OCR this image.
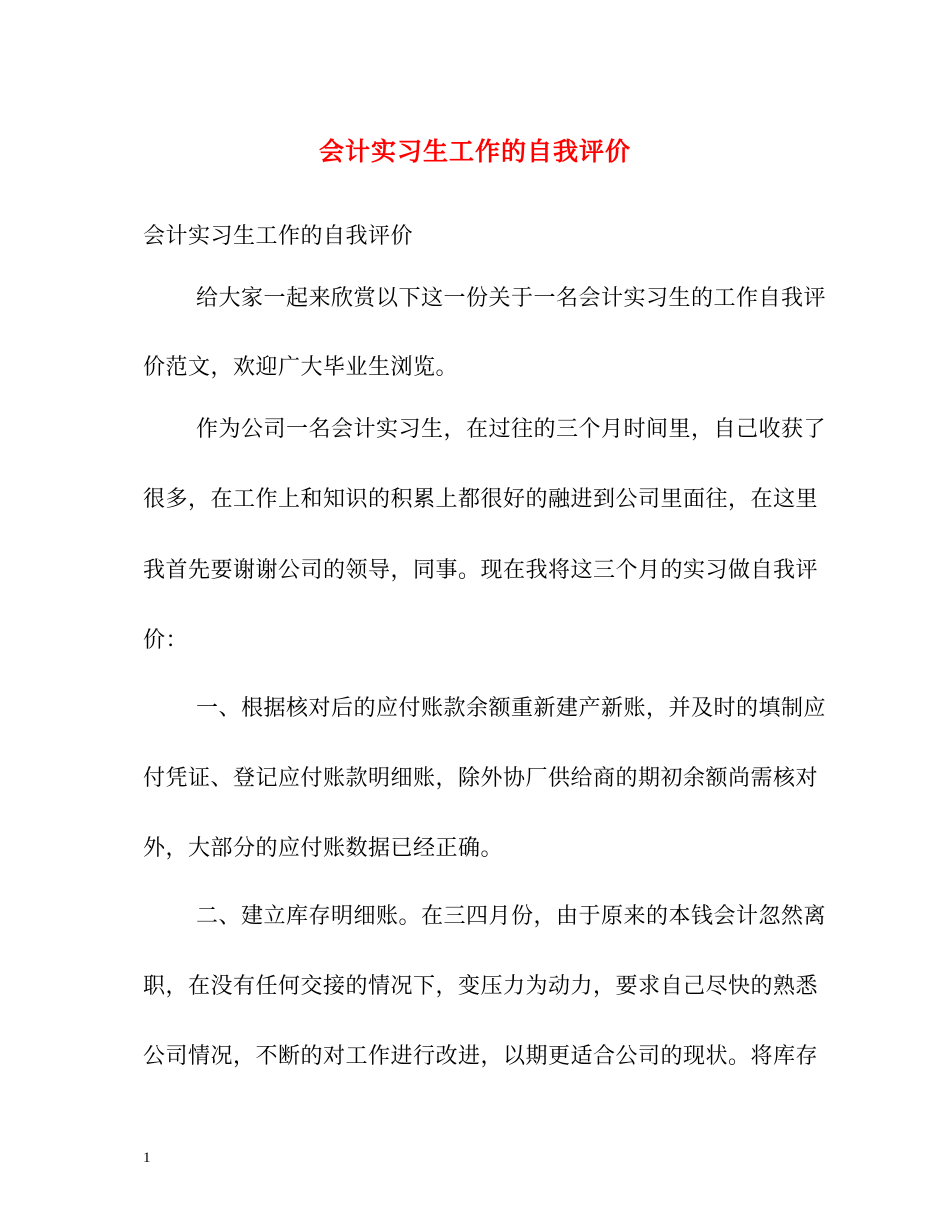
会计实习生工作的自我评价
会计实习生工作的自我评价
给大家一起来欣赏以下这一份关于一名会计实习生的工作自我评
价范文，欢迎广大毕业生浏览。
作为公司一名会计实习生，在过往的三个月时间里，自己收获了
很多，在工作上和知识的积累上都很好的融进到公司里面往，在这里
我首先要谢谢公司的领导，同事。现在我将这三个月的实习做自我评
价：
一、根据核对后的应付账款余额重新建产新账，并及时的填制应
付凭证、登记应付账款明细账，除外协厂供给商的期初余额尚需核对
外，大部分的应付账数据已经正确。
二、建立库存明细账。在三四月份，由于原来的本钱会计忽然离
职，在没有任何交接的情况下，变压力为动力，要求自己尽快的熟悉
公司情况，不断的对工作进行改进，以期更适合公司的现状。将库存
1
